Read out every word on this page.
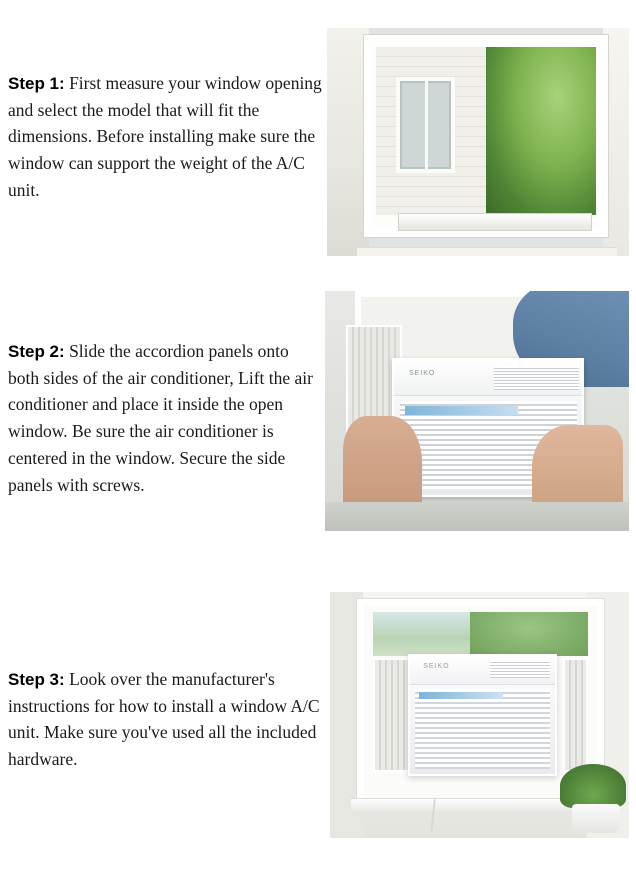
Step 1: First measure your window opening and select the model that will fit the dimensions. Before installing make sure the window can support the weight of the A/C unit.

Step 2: Slide the accordion panels onto both sides of the air conditioner, Lift the air conditioner and place it inside the open window. Be sure the air conditioner is centered in the window. Secure the side panels with screws.

SEIKO

Step 3: Look over the manufacturer's instructions for how to install a window A/C unit. Make sure you've used all the included hardware.

SEIKO
